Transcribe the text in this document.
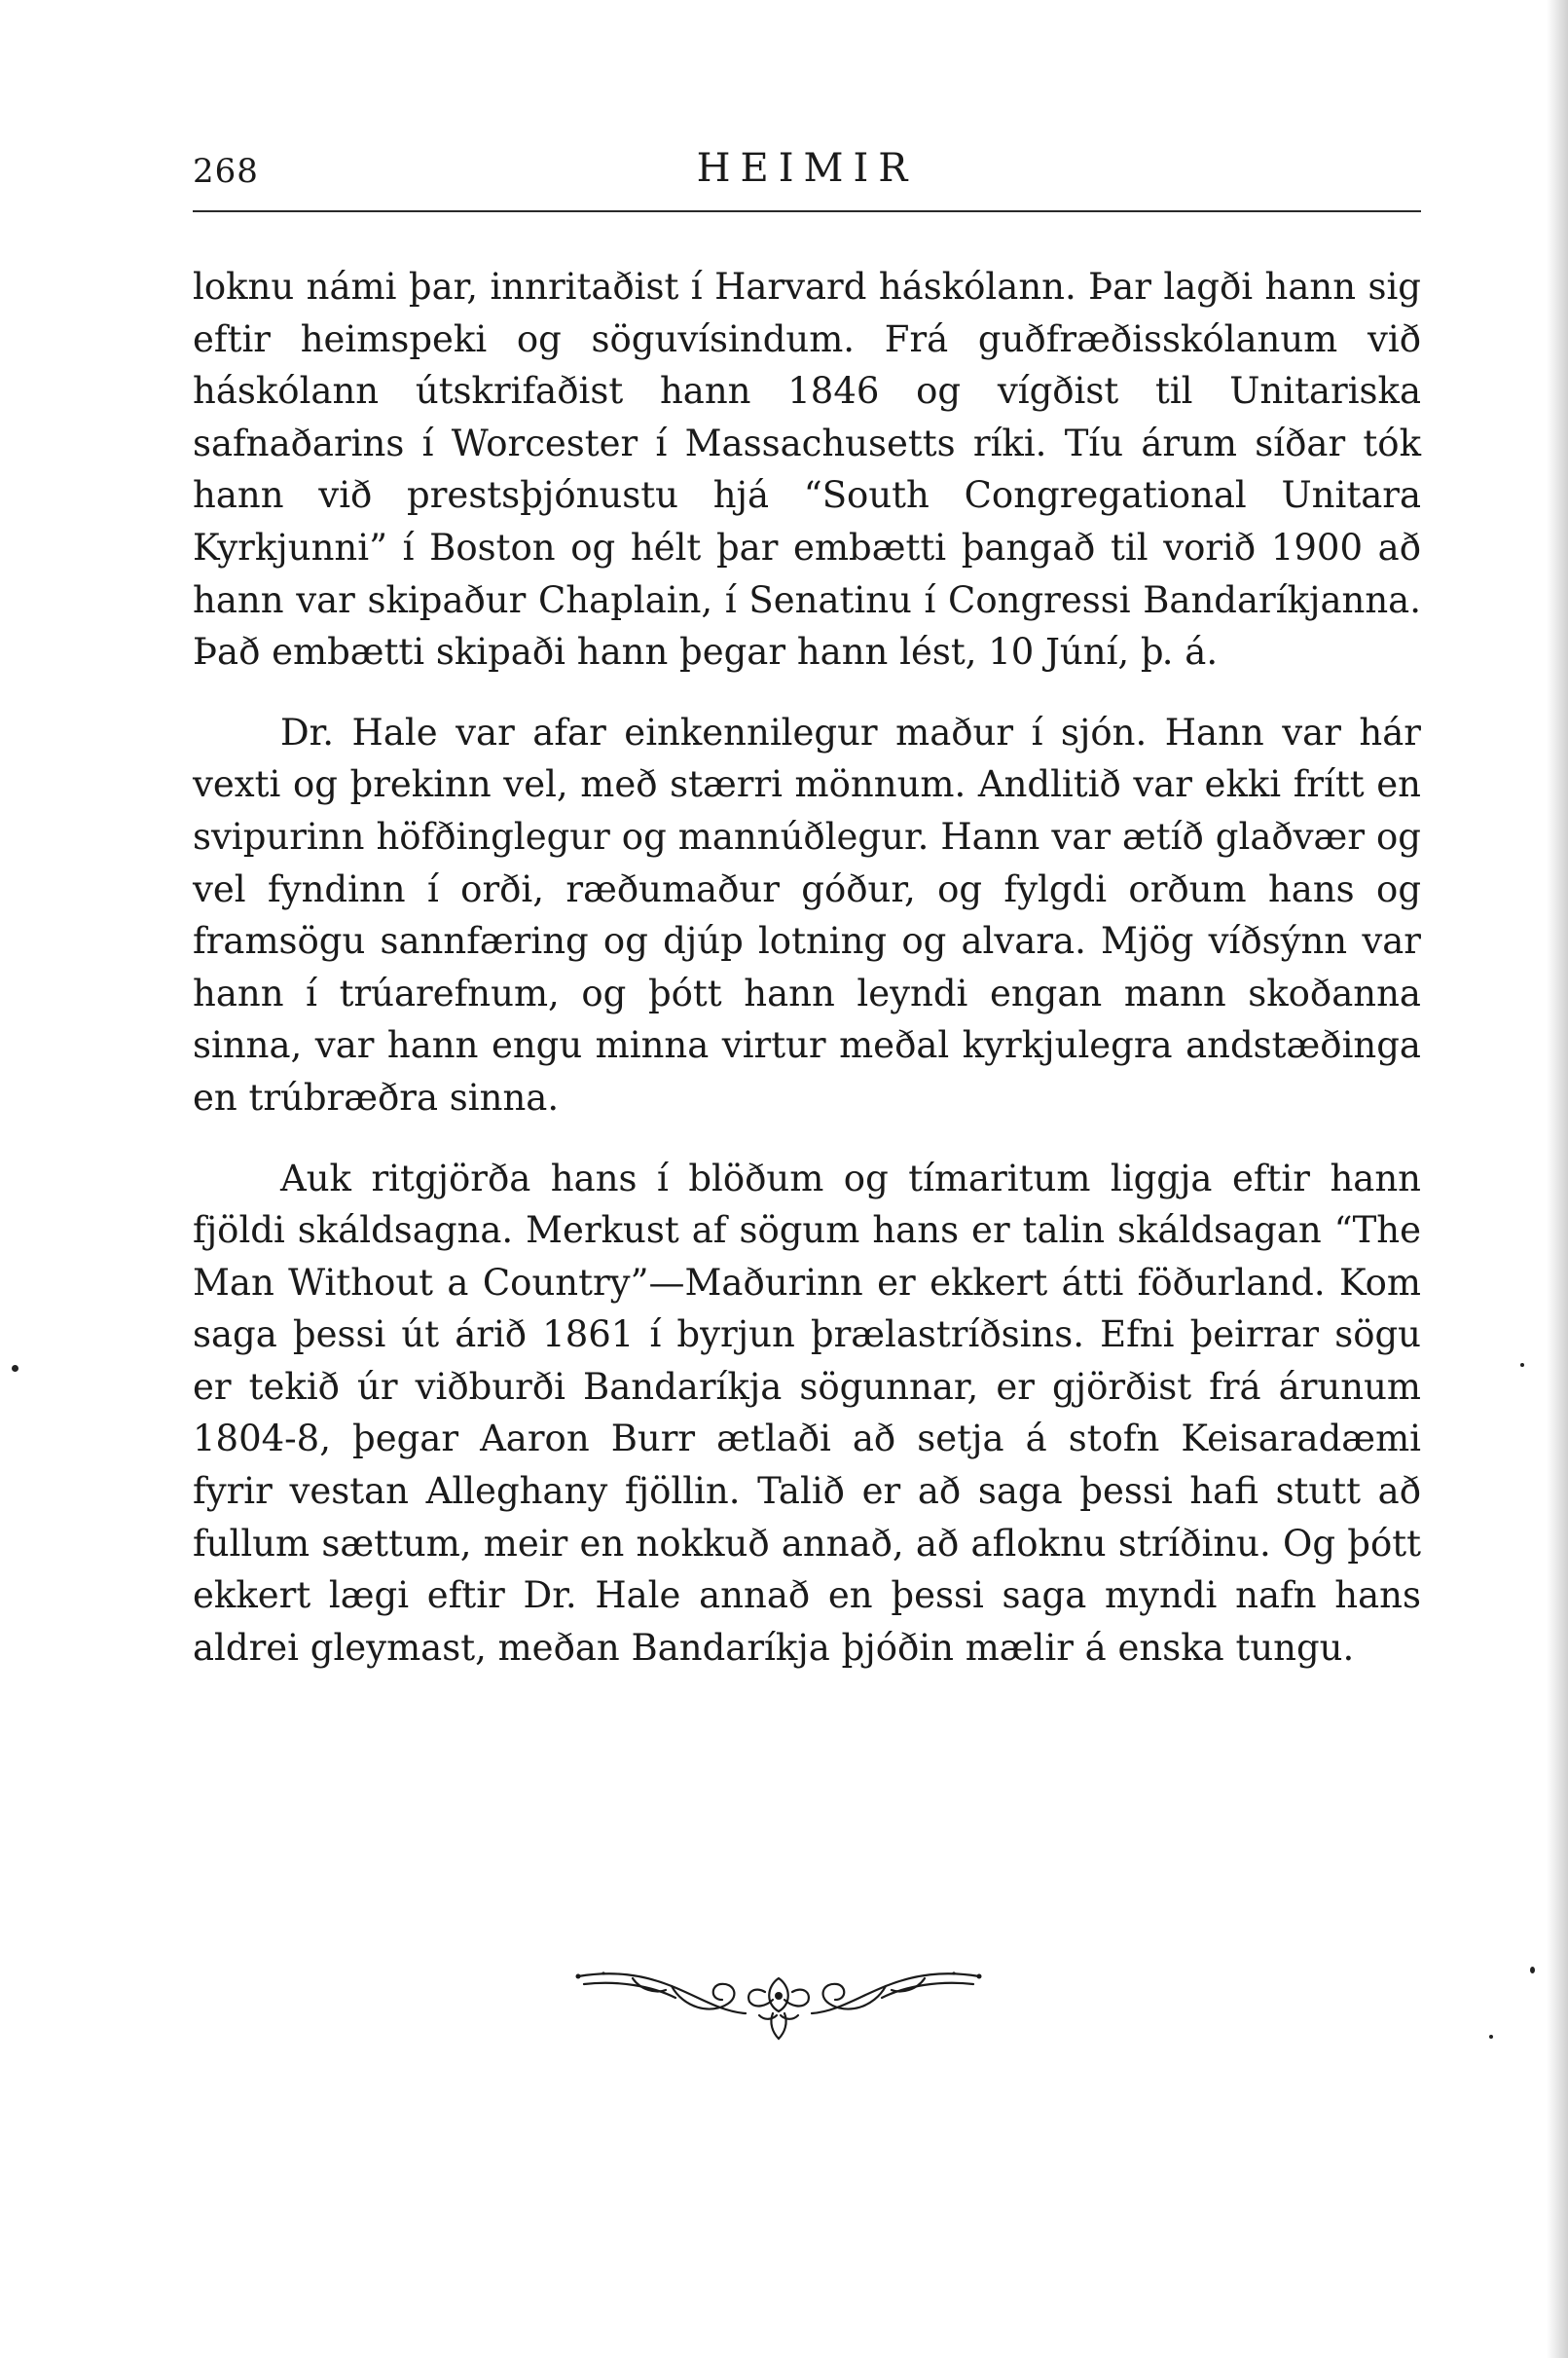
268	HEIMIR

loknu námi þar, innritaðist í Harvard háskólann. Þar lagði hann sig eftir heimspeki og söguvísindum. Frá guðfræðisskólanum við háskólann útskrifaðist hann 1846 og vígðist til Unitariska safnaðarins í Worcester í Massachusetts ríki. Tíu árum síðar tók hann við prestsþjónustu hjá “South Congregational Unitara Kyrkjunni” í Boston og hélt þar embætti þangað til vorið 1900 að hann var skipaður Chaplain, í Senatinu í Congressi Bandaríkjanna. Það embætti skipaði hann þegar hann lést, 10 Júní, þ. á.

Dr. Hale var afar einkennilegur maður í sjón. Hann var hár vexti og þrekinn vel, með stærri mönnum. Andlitið var ekki frítt en svipurinn höfðinglegur og mannúðlegur. Hann var ætíð glaðvær og vel fyndinn í orði, ræðumaður góður, og fylgdi orðum hans og framsögu sannfæring og djúp lotning og alvara. Mjög víðsýnn var hann í trúarefnum, og þótt hann leyndi engan mann skoðanna sinna, var hann engu minna virtur meðal kyrkjulegra andstæðinga en trúbræðra sinna.

Auk ritgjörða hans í blöðum og tímaritum liggja eftir hann fjöldi skáldsagna. Merkust af sögum hans er talin skáldsagan “The Man Without a Country”—Maðurinn er ekkert átti föðurland. Kom saga þessi út árið 1861 í byrjun þrælastríðsins. Efni þeirrar sögu er tekið úr viðburði Bandaríkja sögunnar, er gjörðist frá árunum 1804-8, þegar Aaron Burr ætlaði að setja á stofn Keisaradæmi fyrir vestan Alleghany fjöllin. Talið er að saga þessi hafi stutt að fullum sættum, meir en nokkuð annað, að afloknu stríðinu. Og þótt ekkert lægi eftir Dr. Hale annað en þessi saga myndi nafn hans aldrei gleymast, meðan Bandaríkja þjóðin mælir á enska tungu.
